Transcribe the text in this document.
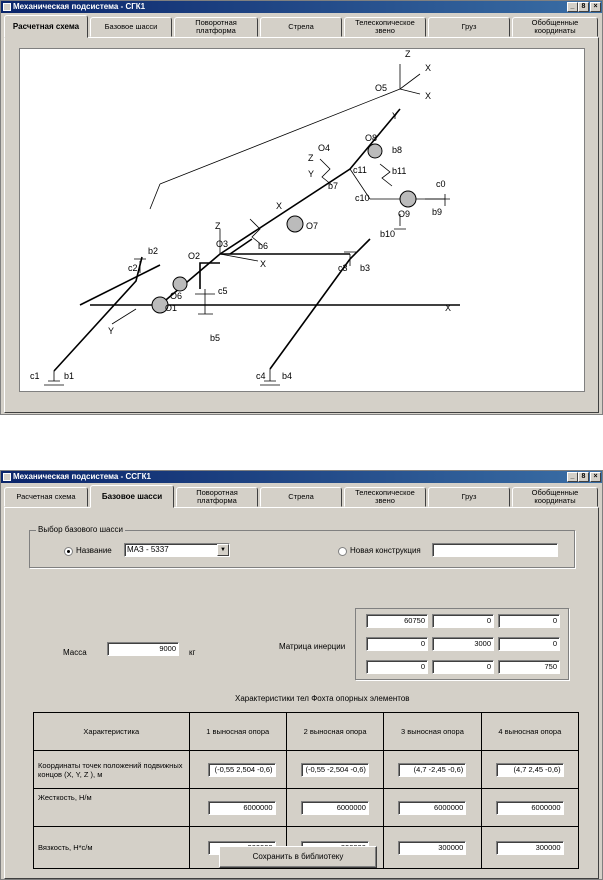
Механическая подсистема - СГК1	_	8	×
Расчетная схема	Базовое шасси	Поворотная платформа	Стрела	Телескопическое звено	Груз	Обобщенные координаты
X
Y
O1
O2
O3
O4
O5
O6
O7
O8
O9
Z
X
X
Y
X
Z
X
Y
Z
c1	b1	c4 b4
c2
b2
c3 b3
b5
c5
b6
b7
b8
b9
b10
c0
c10
c11	b11
Механическая подсистема - ССГК1	_	8	×
Расчетная схема	Базовое шасси	Поворотная платформа	Стрела	Телескопическое звено	Груз	Обобщенные координаты
Выбор базового шасси
Название	МАЗ - 5337	▼	Новая конструкция
Масса	9000	кг
Матрица инерции
60750	0	0
0	3000	0
0	0	750
Характеристики тел Фохта опорных элементов
Характеристика	1 выносная опора	2 выносная опора	3 выносная опора	4 выносная опора
Координаты точек положений подвижных концов (X, Y, Z ), м	(-0,55 2,504 -0,6)	(-0,55 -2,504 -0,6)	(4,7 -2,45 -0,6)	(4,7 2,45 -0,6)

Жесткость, Н/м	6000000	6000000	6000000	6000000

Вязкость, Н*с/м			300000	300000
Сохранить в библиотеку
